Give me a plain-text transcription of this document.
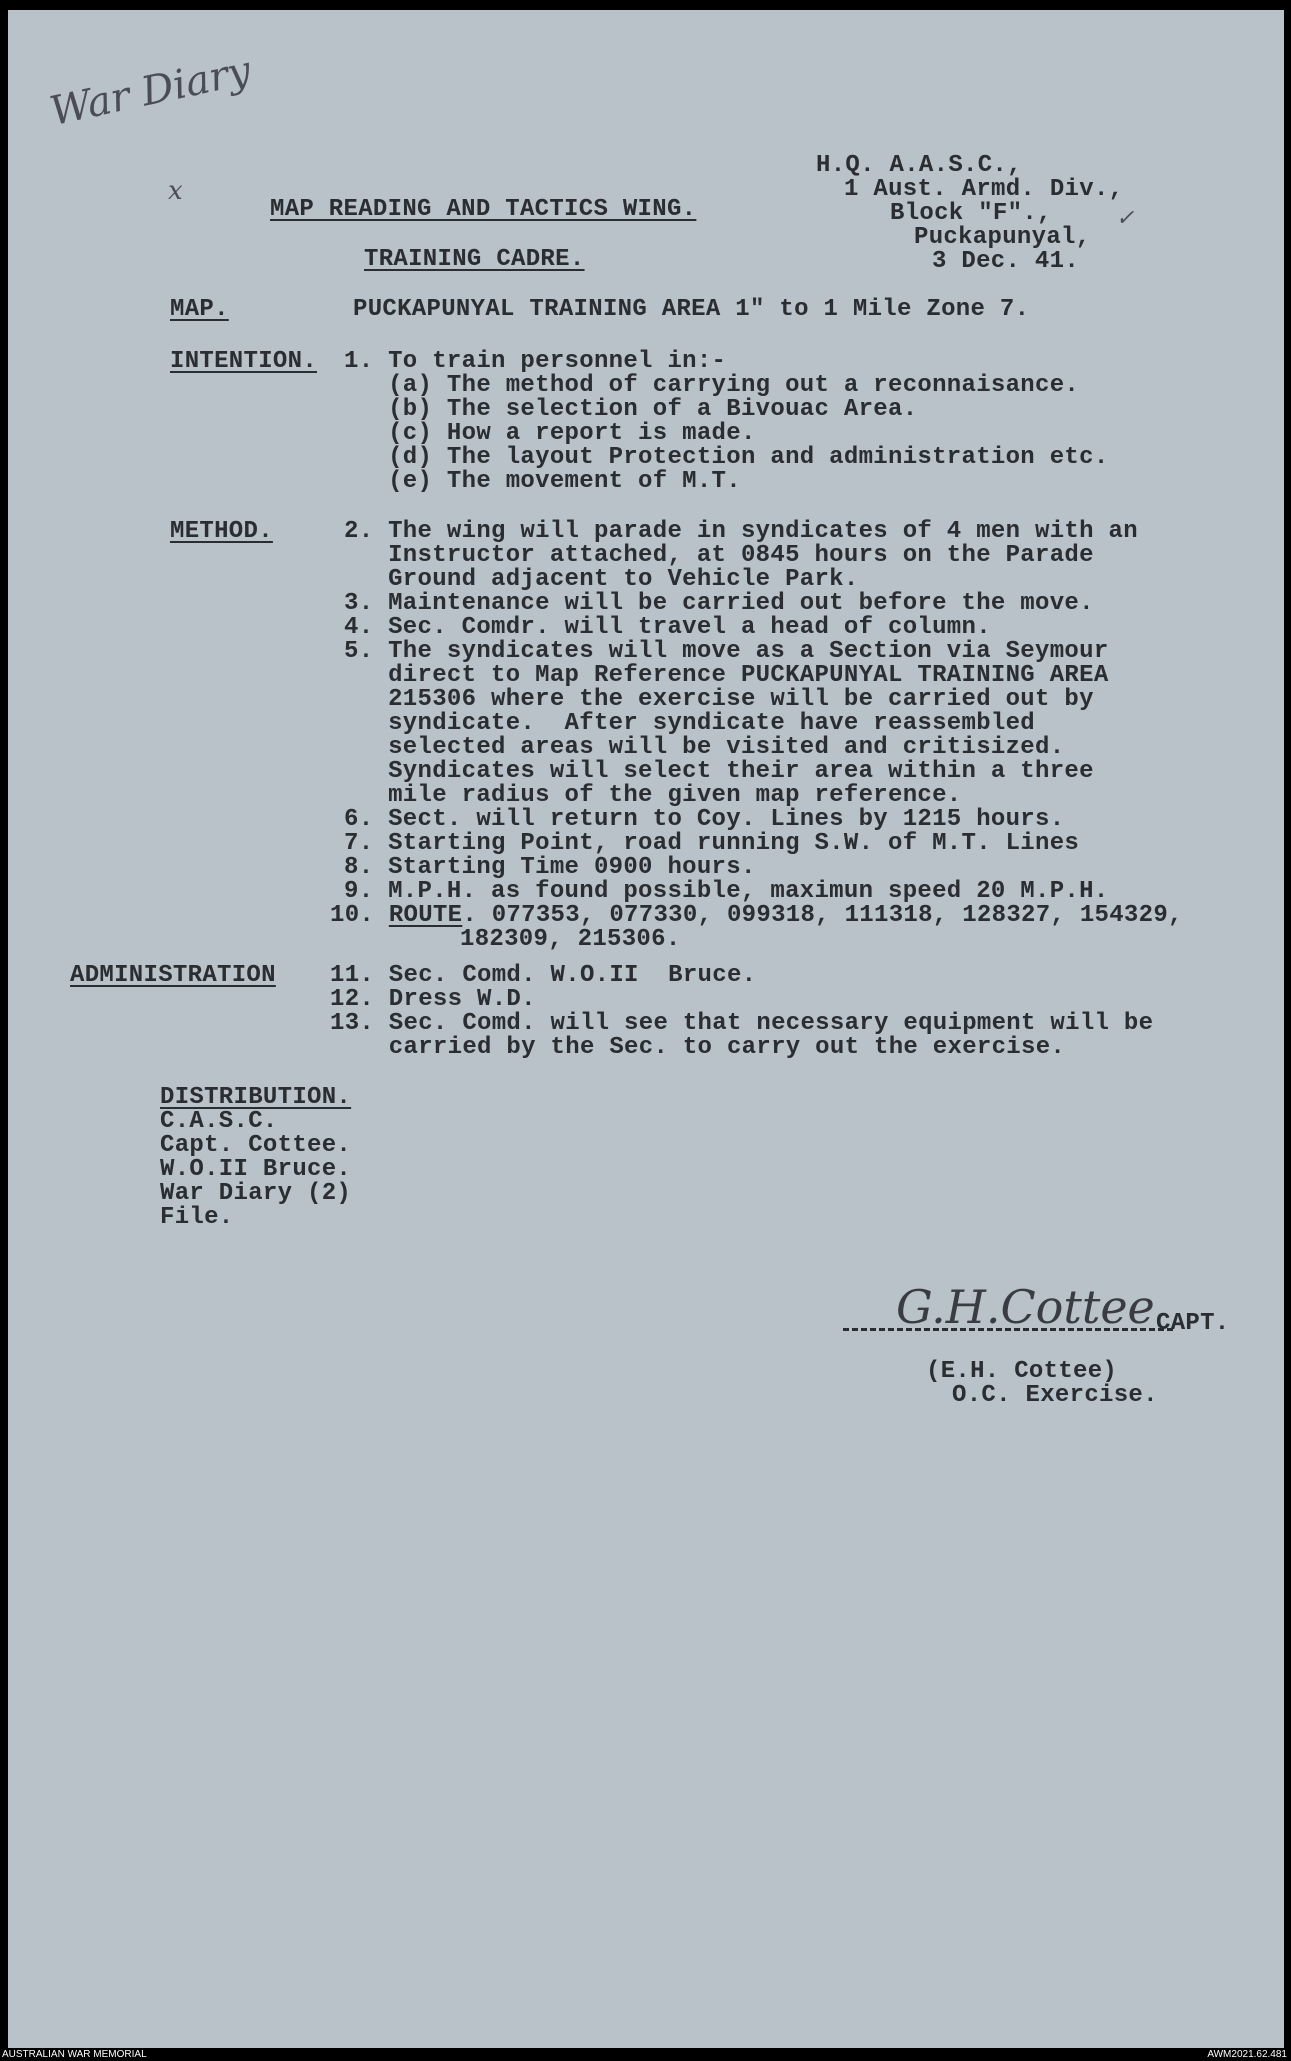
War Diary
x
✓

H.Q. A.A.S.C.,

1 Aust. Armd. Div.,

Block "F".,

Puckapunyal,

3 Dec. 41.

MAP READING AND TACTICS WING.

TRAINING CADRE.

MAP.	PUCKAPUNYAL TRAINING AREA 1" to 1 Mile Zone 7.

INTENTION. 1. To train personnel in:-

(a) The method of carrying out a reconnaisance.

(b) The selection of a Bivouac Area.

(c) How a report is made.

(d) The layout Protection and administration etc.

(e) The movement of M.T.

METHOD.	2. The wing will parade in syndicates of 4 men with an

Instructor attached, at 0845 hours on the Parade

Ground adjacent to Vehicle Park.

3. Maintenance will be carried out before the move.

4. Sec. Comdr. will travel a head of column.

5. The syndicates will move as a Section via Seymour

direct to Map Reference PUCKAPUNYAL TRAINING AREA

215306 where the exercise will be carried out by

syndicate.  After syndicate have reassembled

selected areas will be visited and critisized.

Syndicates will select their area within a three

mile radius of the given map reference.

6. Sect. will return to Coy. Lines by 1215 hours.

7. Starting Point, road running S.W. of M.T. Lines

8. Starting Time 0900 hours.

9. M.P.H. as found possible, maximun speed 20 M.P.H.

10. ROUTE. 077353, 077330, 099318, 111318, 128327, 154329,

182309, 215306.

ADMINISTRATION 11. Sec. Comd. W.O.II  Bruce.

12. Dress W.D.

13. Sec. Comd. will see that necessary equipment will be

carried by the Sec. to carry out the exercise.

DISTRIBUTION.

C.A.S.C.

Capt. Cottee.

W.O.II Bruce.

War Diary (2)

File.

G.H.Cottee CAPT.

(E.H. Cottee)

O.C. Exercise.

AUSTRALIAN WAR MEMORIAL	AWM2021.62.481
